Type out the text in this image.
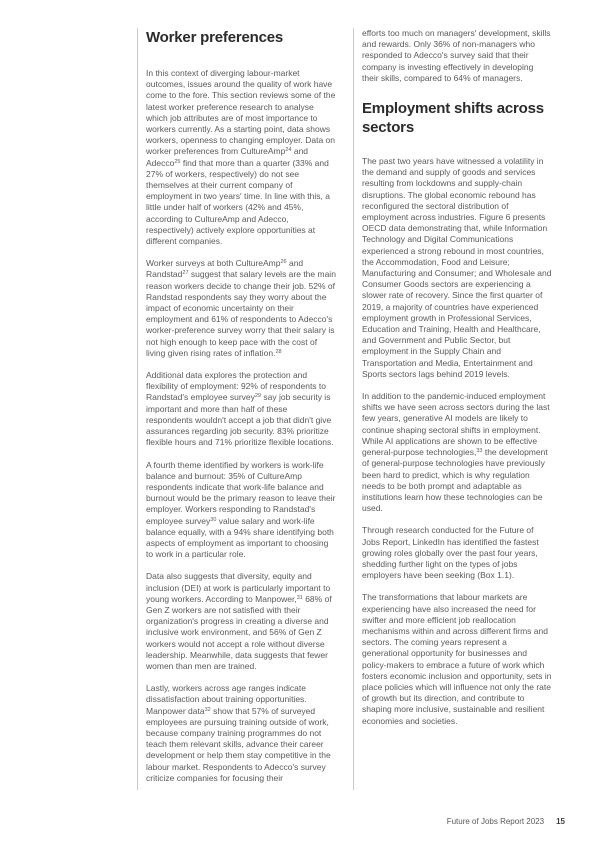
Worker preferences

In this context of diverging labour-market outcomes, issues around the quality of work have come to the fore. This section reviews some of the latest worker preference research to analyse which job attributes are of most importance to workers currently. As a starting point, data shows workers, openness to changing employer. Data on worker preferences from CultureAmp$^{24}$ and Adecco$^{25}$ find that more than a quarter (33% and 27% of workers, respectively) do not see themselves at their current company of employment in two years' time. In line with this, a little under half of workers (42% and 45%, according to CultureAmp and Adecco, respectively) actively explore opportunities at different companies.

Worker surveys at both CultureAmp$^{26}$ and Randstad$^{27}$ suggest that salary levels are the main reason workers decide to change their job. 52% of Randstad respondents say they worry about the impact of economic uncertainty on their employment and 61% of respondents to Adecco's worker-preference survey worry that their salary is not high enough to keep pace with the cost of living given rising rates of inflation.$^{28}$

Additional data explores the protection and flexibility of employment: 92% of respondents to Randstad's employee survey$^{29}$ say job security is important and more than half of these respondents wouldn't accept a job that didn't give assurances regarding job security. 83% prioritize flexible hours and 71% prioritize flexible locations.

A fourth theme identified by workers is work-life balance and burnout: 35% of CultureAmp respondents indicate that work-life balance and burnout would be the primary reason to leave their employer. Workers responding to Randstad's employee survey$^{30}$ value salary and work-life balance equally, with a 94% share identifying both aspects of employment as important to choosing to work in a particular role.

Data also suggests that diversity, equity and inclusion (DEI) at work is particularly important to young workers. According to Manpower,$^{31}$ 68% of Gen Z workers are not satisfied with their organization's progress in creating a diverse and inclusive work environment, and 56% of Gen Z workers would not accept a role without diverse leadership. Meanwhile, data suggests that fewer women than men are trained.

Lastly, workers across age ranges indicate dissatisfaction about training opportunities. Manpower data$^{32}$ show that 57% of surveyed employees are pursuing training outside of work, because company training programmes do not teach them relevant skills, advance their career development or help them stay competitive in the labour market. Respondents to Adecco's survey criticize companies for focusing their

efforts too much on managers' development, skills and rewards. Only 36% of non-managers who responded to Adecco's survey said that their company is investing effectively in developing their skills, compared to 64% of managers.

Employment shifts across
sectors

The past two years have witnessed a volatility in the demand and supply of goods and services resulting from lockdowns and supply-chain disruptions. The global economic rebound has reconfigured the sectoral distribution of employment across industries. Figure 6 presents OECD data demonstrating that, while Information Technology and Digital Communications experienced a strong rebound in most countries, the Accommodation, Food and Leisure; Manufacturing and Consumer; and Wholesale and Consumer Goods sectors are experiencing a slower rate of recovery. Since the first quarter of 2019, a majority of countries have experienced employment growth in Professional Services, Education and Training, Health and Healthcare, and Government and Public Sector, but employment in the Supply Chain and Transportation and Media, Entertainment and Sports sectors lags behind 2019 levels.

In addition to the pandemic-induced employment shifts we have seen across sectors during the last few years, generative AI models are likely to continue shaping sectoral shifts in employment. While AI applications are shown to be effective general-purpose technologies,$^{33}$ the development of general-purpose technologies have previously been hard to predict, which is why regulation needs to be both prompt and adaptable as institutions learn how these technologies can be used.

Through research conducted for the Future of Jobs Report, LinkedIn has identified the fastest growing roles globally over the past four years, shedding further light on the types of jobs employers have been seeking (Box 1.1).

The transformations that labour markets are experiencing have also increased the need for swifter and more efficient job reallocation mechanisms within and across different firms and sectors. The coming years represent a generational opportunity for businesses and policy-makers to embrace a future of work which fosters economic inclusion and opportunity, sets in place policies which will influence not only the rate of growth but its direction, and contribute to shaping more inclusive, sustainable and resilient economies and societies.

Future of Jobs Report 2023 15
